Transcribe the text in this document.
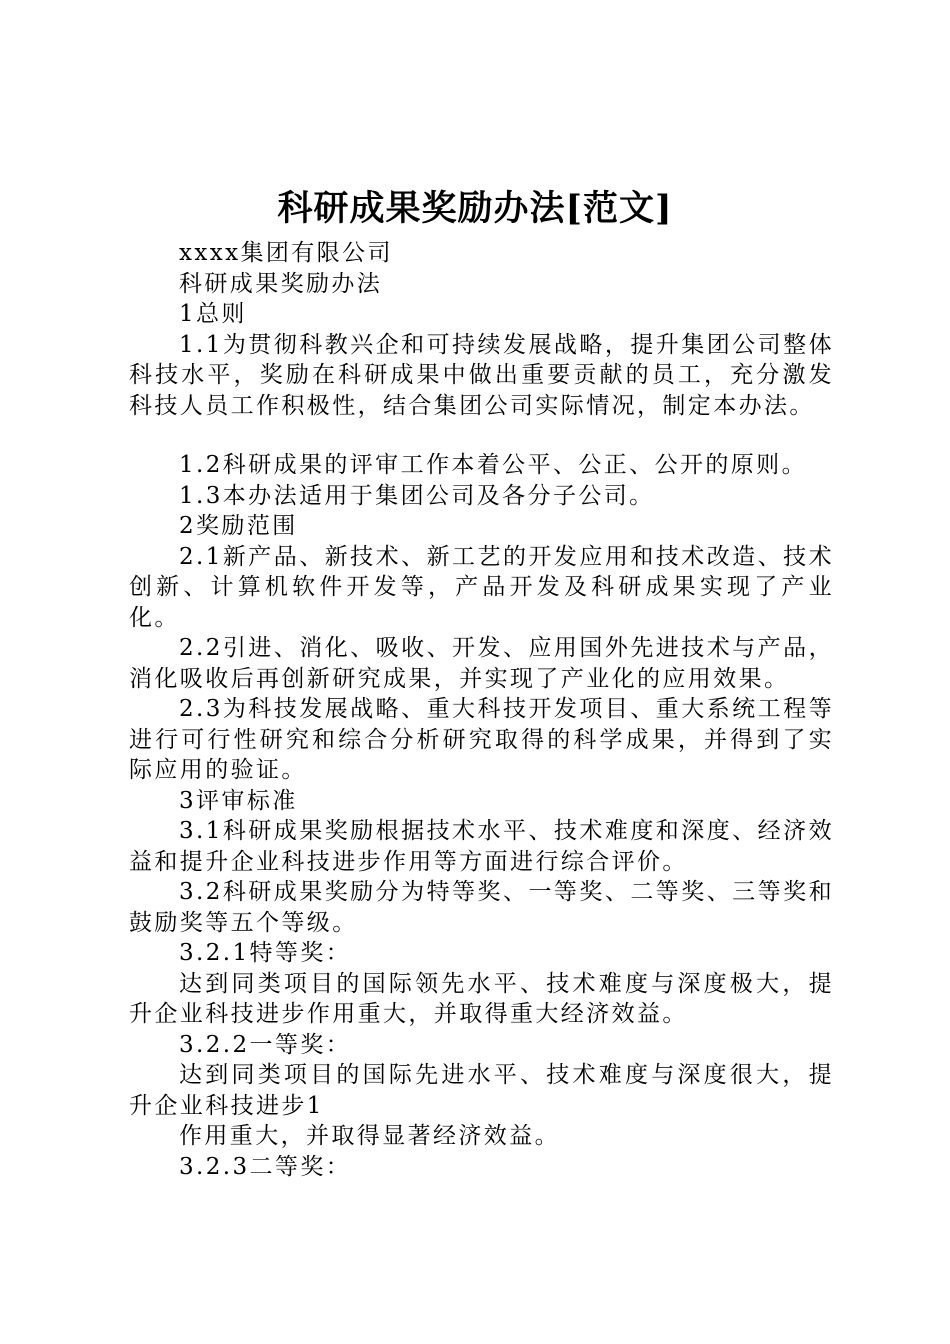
科研成果奖励办法[范文]

xxxx集团有限公司

科研成果奖励办法

1总则

1.1为贯彻科教兴企和可持续发展战略，提升集团公司整体科技水平，奖励在科研成果中做出重要贡献的员工，充分激发科技人员工作积极性，结合集团公司实际情况，制定本办法。

1.2科研成果的评审工作本着公平、公正、公开的原则。

1.3本办法适用于集团公司及各分子公司。

2奖励范围

2.1新产品、新技术、新工艺的开发应用和技术改造、技术创新、计算机软件开发等，产品开发及科研成果实现了产业化。

2.2引进、消化、吸收、开发、应用国外先进技术与产品，消化吸收后再创新研究成果，并实现了产业化的应用效果。

2.3为科技发展战略、重大科技开发项目、重大系统工程等进行可行性研究和综合分析研究取得的科学成果，并得到了实际应用的验证。

3评审标准

3.1科研成果奖励根据技术水平、技术难度和深度、经济效益和提升企业科技进步作用等方面进行综合评价。

3.2科研成果奖励分为特等奖、一等奖、二等奖、三等奖和鼓励奖等五个等级。

3.2.1特等奖：

达到同类项目的国际领先水平、技术难度与深度极大，提升企业科技进步作用重大，并取得重大经济效益。

3.2.2一等奖：

达到同类项目的国际先进水平、技术难度与深度很大，提升企业科技进步1

作用重大，并取得显著经济效益。

3.2.3二等奖：
